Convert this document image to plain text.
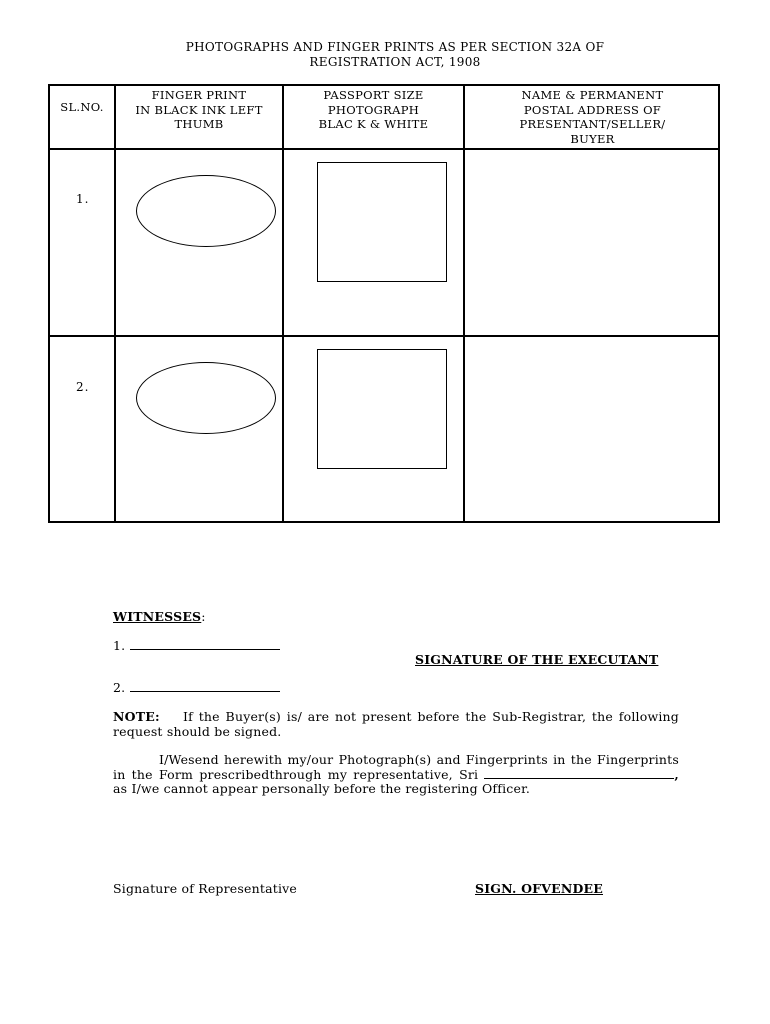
PHOTOGRAPHS AND FINGER PRINTS AS PER SECTION 32A OF
REGISTRATION ACT, 1908
SL.NO.
FINGER PRINT
IN BLACK INK LEFT
THUMB
PASSPORT SIZE
PHOTOGRAPH
BLAC K & WHITE
NAME & PERMANENT
POSTAL ADDRESS OF
PRESENTANT/SELLER/
BUYER
1.
2.
WITNESSES:
1.
SIGNATURE OF THE EXECUTANT
2.
NOTE: If the Buyer(s) is/ are not present before the Sub-Registrar, the following request should be signed.
I/Wesend herewith my/our Photograph(s) and Fingerprints in the Fingerprints in the Form prescribedthrough my representative, Sri	, as I/we cannot appear personally before the registering Officer.
Signature of Representative	SIGN. OFVENDEE
